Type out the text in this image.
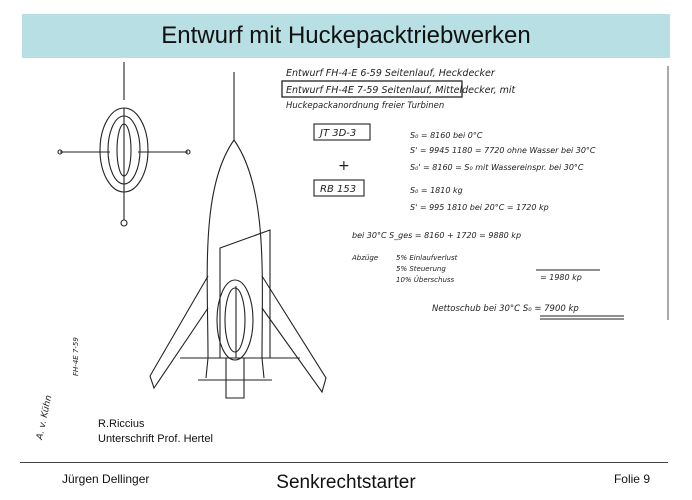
Entwurf mit Huckepacktriebwerken
Entwurf FH-4-E 6-59 Seitenlauf, Heckdecker
Entwurf FH-4E 7-59 Seitenlauf, Mitteldecker, mit
Huckepackanordnung freier Turbinen
JT 3D-3
+
RB 153
S₀ = 8160 bei 0°C
S' = 9945 1180 = 7720 ohne Wasser bei 30°C
S₀' = 8160 = S₀ mit Wassereinspr. bei 30°C
S₀ = 1810 kg
S' = 995 1810 bei 20°C = 1720 kp
bei 30°C S_ges = 8160 + 1720 = 9880 kp
Abzüge	5% Einlaufverlust
5% Steuerung
10% Überschuss	= 1980 kp
Nettoschub bei 30°C S₀ = 7900 kp
FH-4E 7-59
A. v. Kühn	R.Riccius
Unterschrift Prof. Hertel
Jürgen Dellinger	Senkrechtstarter	Folie 9
